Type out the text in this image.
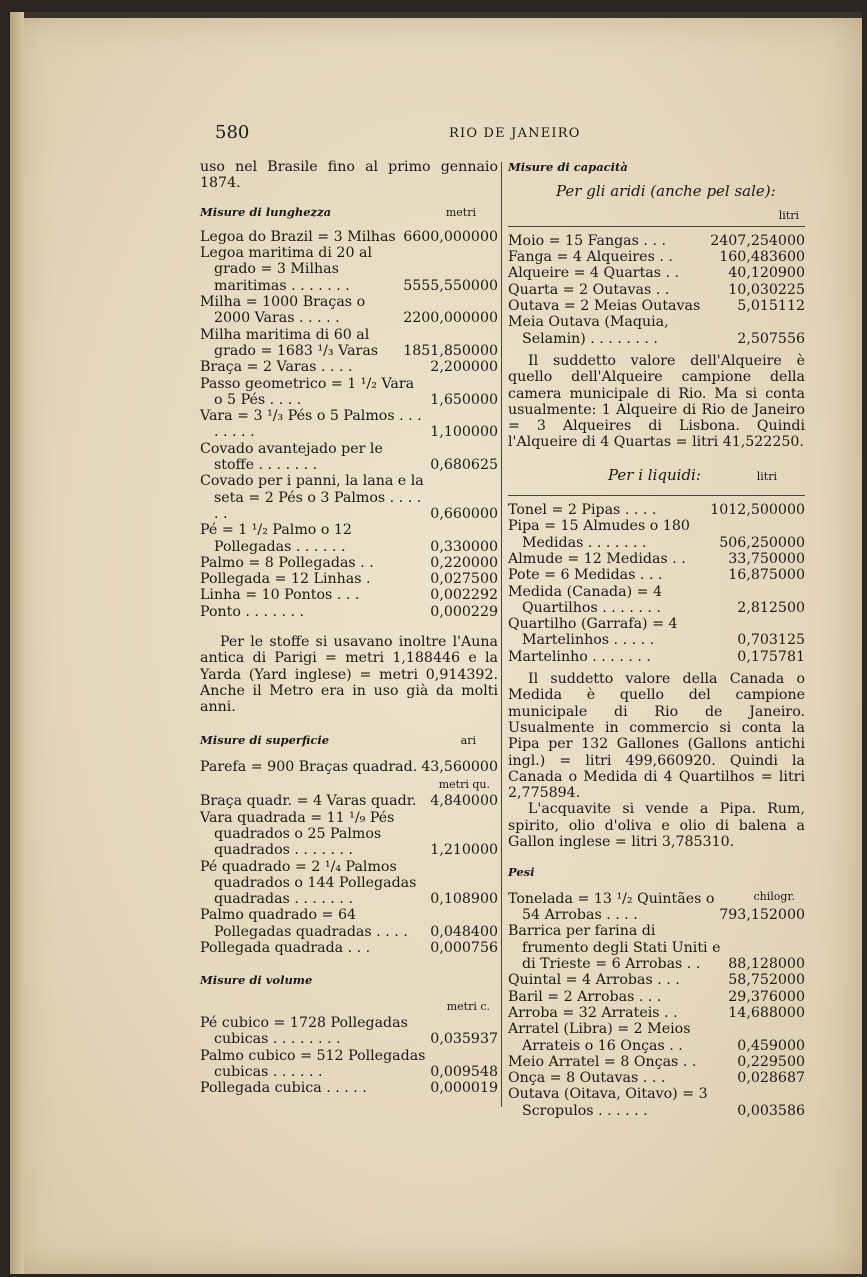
580	RIO DE JANEIRO

uso nel Brasile fino al primo gennaio 1874.

Misure di lunghezza	metri
Legoa do Brazil = 3 Milhas 6600,000000
Legoa maritima di 20 al grado = 3 Milhas maritimas . . . . . . .	5555,550000
Milha = 1000 Braças o 2000 Varas . . . . .	2200,000000
Milha maritima di 60 al grado = 1683 ¹/₃ Varas	1851,850000
Braça = 2 Varas . . . .	2,200000
Passo geometrico = 1 ¹/₂ Vara o 5 Pés . . . .	1,650000
Vara = 3 ¹/₃ Pés o 5 Palmos . . . . . . . .	1,100000
Covado avantejado per le stoffe . . . . . . .	0,680625
Covado per i panni, la lana e la seta = 2 Pés o 3 Palmos . . . . . .	0,660000
Pé = 1 ¹/₂ Palmo o 12 Pollegadas . . . . . .	0,330000
Palmo = 8 Pollegadas . .	0,220000
Pollegada = 12 Linhas .	0,027500
Linha = 10 Pontos . . .	0,002292
Ponto . . . . . . .	0,000229

Per le stoffe si usavano inoltre l'Auna antica di Parigi = metri 1,188446 e la Yarda (Yard inglese) = metri 0,914392. Anche il Metro era in uso già da molti anni.

Misure di superficie	ari
Parefa = 900 Braças quadrad. 43,560000
metri qu.
Braça quadr. = 4 Varas quadr. 4,840000
Vara quadrada = 11 ¹/₉ Pés quadrados o 25 Palmos quadrados . . . . . . .	1,210000
Pé quadrado = 2 ¹/₄ Palmos quadrados o 144 Pollegadas quadradas . . . . . . .	0,108900
Palmo quadrado = 64 Pollegadas quadradas . . . .	0,048400
Pollegada quadrada . . .	0,000756
Misure di volume
metri c.
Pé cubico = 1728 Pollegadas cubicas . . . . . . . .	0,035937
Palmo cubico = 512 Pollegadas cubicas . . . . . .	0,009548
Pollegada cubica . . . . .	0,000019
Misure di capacità
Per gli aridi (anche pel sale):
litri
Moio = 15 Fangas . . .	2407,254000
Fanga = 4 Alqueires . .	160,483600
Alqueire = 4 Quartas . .	40,120900
Quarta = 2 Outavas . .	10,030225
Outava = 2 Meias Outavas	5,015112
Meia Outava (Maquia, Selamin) . . . . . . . .	2,507556

Il suddetto valore dell'Alqueire è quello dell'Alqueire campione della camera municipale di Rio. Ma si conta usualmente: 1 Alqueire di Rio de Janeiro = 3 Alqueires di Lisbona. Quindi l'Alqueire di 4 Quartas = litri 41,522250.

Per i liquidi:	litri
Tonel = 2 Pipas . . . .	1012,500000
Pipa = 15 Almudes o 180 Medidas . . . . . . .	506,250000
Almude = 12 Medidas . .	33,750000
Pote = 6 Medidas . . .	16,875000
Medida (Canada) = 4 Quartilhos . . . . . . .	2,812500
Quartilho (Garrafa) = 4 Martelinhos . . . . .	0,703125
Martelinho . . . . . . .	0,175781

Il suddetto valore della Canada o Medida è quello del campione municipale di Rio de Janeiro. Usualmente in commercio si conta la Pipa per 132 Gallones (Gallons antichi ingl.) = litri 499,660920. Quindi la Canada o Medida di 4 Quartilhos = litri 2,775894.

L'acquavite si vende a Pipa. Rum, spirito, olio d'oliva e olio di balena a Gallon inglese = litri 3,785310.

Pesi
chilogr.
Tonelada = 13 ¹/₂ Quintães o 54 Arrobas . . . .	793,152000
Barrica per farina di frumento degli Stati Uniti e di Trieste = 6 Arrobas . .	88,128000
Quintal = 4 Arrobas . . .	58,752000
Baril = 2 Arrobas . . .	29,376000
Arroba = 32 Arrateis . .	14,688000
Arratel (Libra) = 2 Meios Arrateis o 16 Onças . .	0,459000
Meio Arratel = 8 Onças . .	0,229500
Onça = 8 Outavas . . .	0,028687
Outava (Oitava, Oitavo) = 3 Scropulos . . . . . .	0,003586
